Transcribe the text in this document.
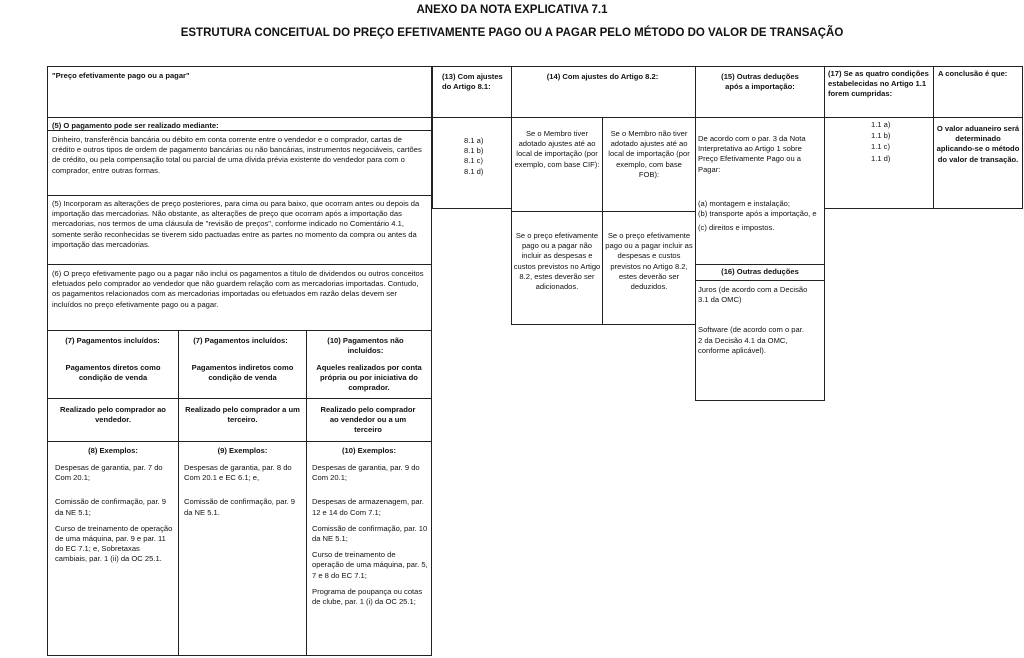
ANEXO DA NOTA EXPLICATIVA 7.1
ESTRUTURA CONCEITUAL DO PREÇO EFETIVAMENTE PAGO OU A PAGAR PELO MÉTODO DO VALOR DE TRANSAÇÃO
"Preço efetivamente pago ou a pagar"
(5) O pagamento pode ser realizado mediante:
Dinheiro, transferência bancária ou débito em conta corrente entre o vendedor e o comprador, cartas de crédito e outros tipos de ordem de pagamento bancárias ou não bancárias, instrumentos negociáveis, cartões de crédito, ou pela compensação total ou parcial de uma dívida prévia existente do vendedor para com o comprador, entre outras formas.
(5) Incorporam as alterações de preço posteriores, para cima ou para baixo, que ocorram antes ou depois da importação das mercadorias. Não obstante, as alterações de preço que ocorram após a importação das mercadorias, nos termos de uma cláusula de "revisão de preços", conforme indicado no Comentário 4.1, somente serão reconhecidas se tiverem sido pactuadas entre as partes no momento da compra ou antes da importação das mercadorias.
(6) O preço efetivamente pago ou a pagar não inclui os pagamentos a título de dividendos ou outros conceitos efetuados pelo comprador ao vendedor que não guardem relação com as mercadorias importadas. Contudo, os pagamentos relacionados com as mercadorias importadas ou efetuados em razão delas devem ser incluídos no preço efetivamente pago ou a pagar.
(7) Pagamentos incluídos:
Pagamentos diretos como condição de venda
Realizado pelo comprador ao vendedor.
(8) Exemplos:
Despesas de garantia, par. 7 do Com 20.1;
Comissão de confirmação, par. 9 da NE 5.1;
Curso de treinamento de operação de uma máquina, par. 9 e par. 11 do EC 7.1; e, Sobretaxas cambiais, par. 1 (ii) da OC 25.1.
(7) Pagamentos incluídos:
Pagamentos indiretos como condição de venda
Realizado pelo comprador a um terceiro.
(9) Exemplos:
Despesas de garantia, par. 8 do Com 20.1 e EC 6.1; e,
Comissão de confirmação, par. 9 da NE 5.1.
(10) Pagamentos não incluídos:
Aqueles realizados por conta própria ou por iniciativa do comprador.
Realizado pelo comprador ao vendedor ou a um terceiro
(10) Exemplos:
Despesas de garantia, par. 9 do Com 20.1;
Despesas de armazenagem, par. 12 e 14 do Com 7.1;
Comissão de confirmação, par. 10 da NE 5.1;
Curso de treinamento de operação de uma máquina, par. 5, 7 e 8 do EC 7.1;
Programa de poupança ou cotas de clube, par. 1 (i) da OC 25.1;
(13) Com ajustes do Artigo 8.1:
8.1 a)
8.1 b)
8.1 c)
8.1 d)
(14) Com ajustes do Artigo 8.2:
Se o Membro tiver adotado ajustes até ao local de importação (por exemplo, com base CIF):
Se o Membro não tiver adotado ajustes até ao local de importação (por exemplo, com base FOB):
Se o preço efetivamente pago ou a pagar não incluir as despesas e custos previstos no Artigo 8.2, estes deverão ser adicionados.
Se o preço efetivamente pago ou a pagar incluir as despesas e custos previstos no Artigo 8.2, estes deverão ser deduzidos.
(15) Outras deduções após a importação:
De acordo com o par. 3 da Nota Interpretativa ao Artigo 1 sobre Preço Efetivamente Pago ou a Pagar:
(a) montagem e instalação;
(b) transporte após a importação, e
(c) direitos e impostos.
(16) Outras deduções
Juros (de acordo com a Decisão 3.1 da OMC)
Software (de acordo com o par. 2 da Decisão 4.1 da OMC, conforme aplicável).
(17) Se as quatro condições estabelecidas no Artigo 1.1 forem cumpridas:
1.1 a)
1.1 b)
1.1 c)
1.1 d)
A conclusão é que:
O valor aduaneiro será determinado aplicando-se o método do valor de transação.
